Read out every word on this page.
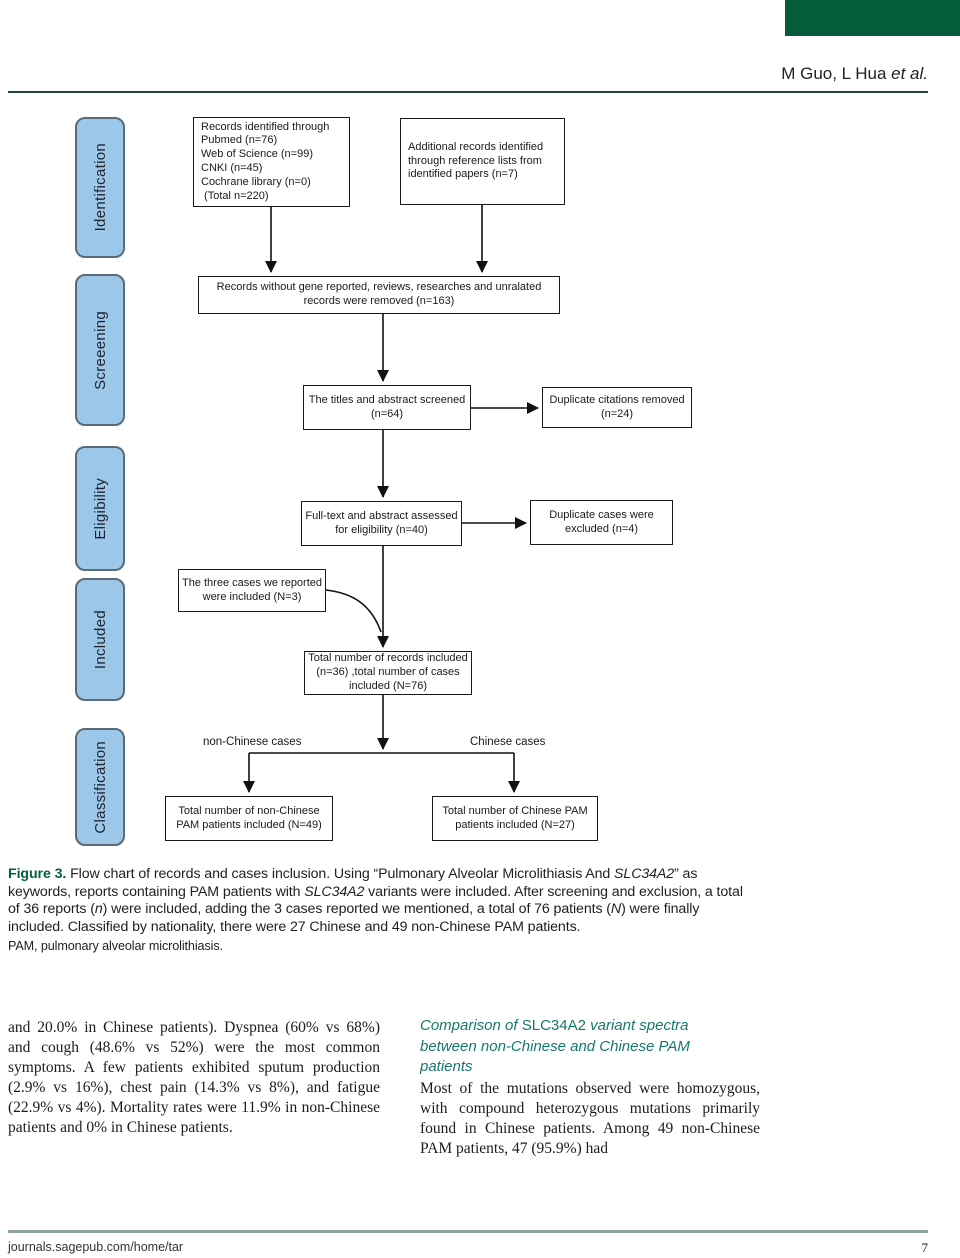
M Guo, L Hua et al.
Identification
Screeening
Eligibility
Included
Classification
Records identified through
Pubmed (n=76)
Web of Science (n=99)
CNKI (n=45)
Cochrane library (n=0)
(Total n=220)
Additional records identified
through reference lists from
identified papers (n=7)
Records without gene reported, reviews, researches and unralated
records were removed (n=163)
The titles and abstract screened
(n=64)
Duplicate citations removed
(n=24)
Full-text and abstract assessed
for eligibility (n=40)
Duplicate cases were
excluded (n=4)
The three cases we reported
were included (N=3)
Total number of records included
(n=36) ,total number of cases
included (N=76)
Total number of non-Chinese
PAM patients included (N=49)
Total number of Chinese PAM
patients included (N=27)
non-Chinese cases	Chinese cases
Figure 3. Flow chart of records and cases inclusion. Using “Pulmonary Alveolar Microlithiasis And SLC34A2” as keywords, reports containing PAM patients with SLC34A2 variants were included. After screening and exclusion, a total of 36 reports (n) were included, adding the 3 cases reported we mentioned, a total of 76 patients (N) were finally included. Classified by nationality, there were 27 Chinese and 49 non-Chinese PAM patients.
PAM, pulmonary alveolar microlithiasis.

and 20.0% in Chinese patients). Dyspnea (60% vs 68%) and cough (48.6% vs 52%) were the most common symptoms. A few patients exhibited sputum production (2.9% vs 16%), chest pain (14.3% vs 8%), and fatigue (22.9% vs 4%). Mortality rates were 11.9% in non-Chinese patients and 0% in Chinese patients.

Comparison of SLC34A2 variant spectra
between non-Chinese and Chinese PAM
patients

Most of the mutations observed were homozygous, with compound heterozygous mutations primarily found in Chinese patients. Among 49 non-Chinese PAM patients, 47 (95.9%) had

journals.sagepub.com/home/tar	7
